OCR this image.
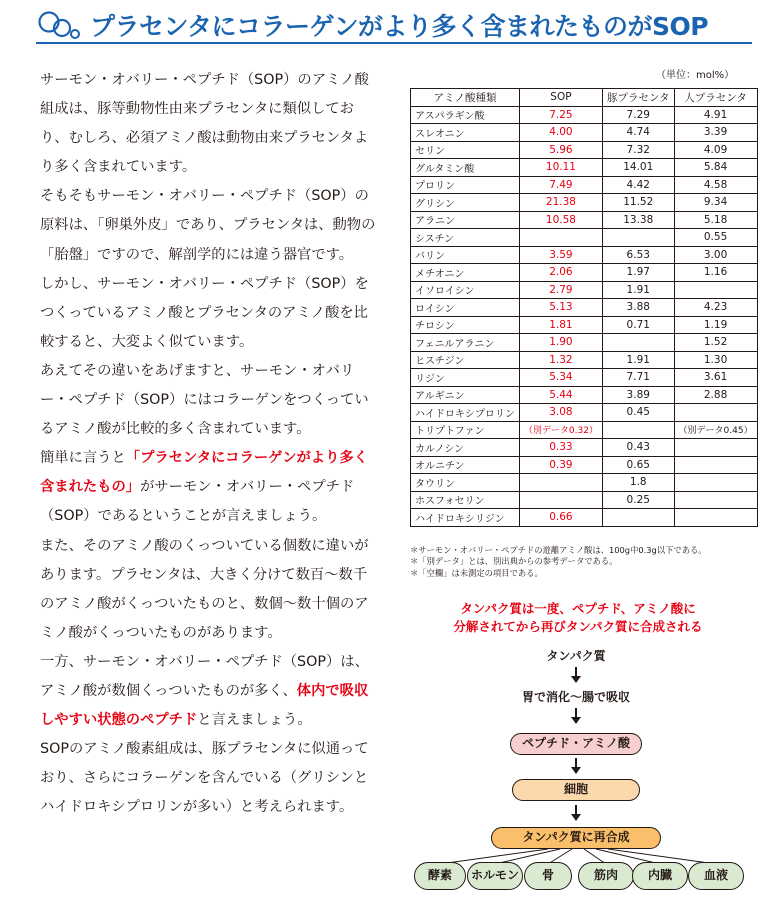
プラセンタにコラーゲンがより多く含まれたものがSOP

サーモン・オバリー・ペプチド（SOP）のアミノ酸組成は、豚等動物性由来プラセンタに類似しており、むしろ、必須アミノ酸は動物由来プラセンタより多く含まれています。

そもそもサーモン・オバリー・ペプチド（SOP）の原料は、「卵巣外皮」であり、プラセンタは、動物の「胎盤」ですので、解剖学的には違う器官です。

しかし、サーモン・オバリー・ペプチド（SOP）をつくっているアミノ酸とプラセンタのアミノ酸を比較すると、大変よく似ています。

あえてその違いをあげますと、サーモン・オバリー・ペプチド（SOP）にはコラーゲンをつくっているアミノ酸が比較的多く含まれています。

簡単に言うと「プラセンタにコラーゲンがより多く含まれたもの」がサーモン・オバリー・ペプチド（SOP）であるということが言えましょう。

また、そのアミノ酸のくっついている個数に違いがあります。プラセンタは、大きく分けて数百〜数千のアミノ酸がくっついたものと、数個〜数十個のアミノ酸がくっついたものがあります。

一方、サーモン・オバリー・ペプチド（SOP）は、アミノ酸が数個くっついたものが多く、体内で吸収しやすい状態のペプチドと言えましょう。

SOPのアミノ酸素組成は、豚プラセンタに似通っており、さらにコラーゲンを含んでいる（グリシンとハイドロキシプロリンが多い）と考えられます。

（単位：mol%）
アミノ酸種類	SOP	豚プラセンタ	人プラセンタ
アスパラギン酸	7.25	7.29	4.91
スレオニン	4.00	4.74	3.39
セリン	5.96	7.32	4.09
グルタミン酸	10.11	14.01	5.84
プロリン	7.49	4.42	4.58
グリシン	21.38	11.52	9.34
アラニン	10.58	13.38	5.18
シスチン			0.55
バリン	3.59	6.53	3.00
メチオニン	2.06	1.97	1.16
イソロイシン	2.79	1.91	
ロイシン	5.13	3.88	4.23
チロシン	1.81	0.71	1.19
フェニルアラニン	1.90		1.52
ヒスチジン	1.32	1.91	1.30
リジン	5.34	7.71	3.61
アルギニン	5.44	3.89	2.88
ハイドロキシプロリン	3.08	0.45	
トリプトファン	（別データ0.32）		（別データ0.45）
カルノシン	0.33	0.43	
オルニチン	0.39	0.65	
タウリン		1.8	
ホスフォセリン		0.25	
ハイドロキシリジン	0.66		
＊サーモン・オバリー・ペプチドの遊離アミノ酸は、100g中0.3g以下である。
＊「別データ」とは、別出典からの参考データである。
＊「空欄」は未測定の項目である。
タンパク質は一度、ペプチド、アミノ酸に
分解されてから再びタンパク質に合成される
タンパク質
胃で消化〜腸で吸収
ペプチド・アミノ酸
細胞
タンパク質に再合成
酵素	ホルモン	骨	筋肉	内臓	血液
